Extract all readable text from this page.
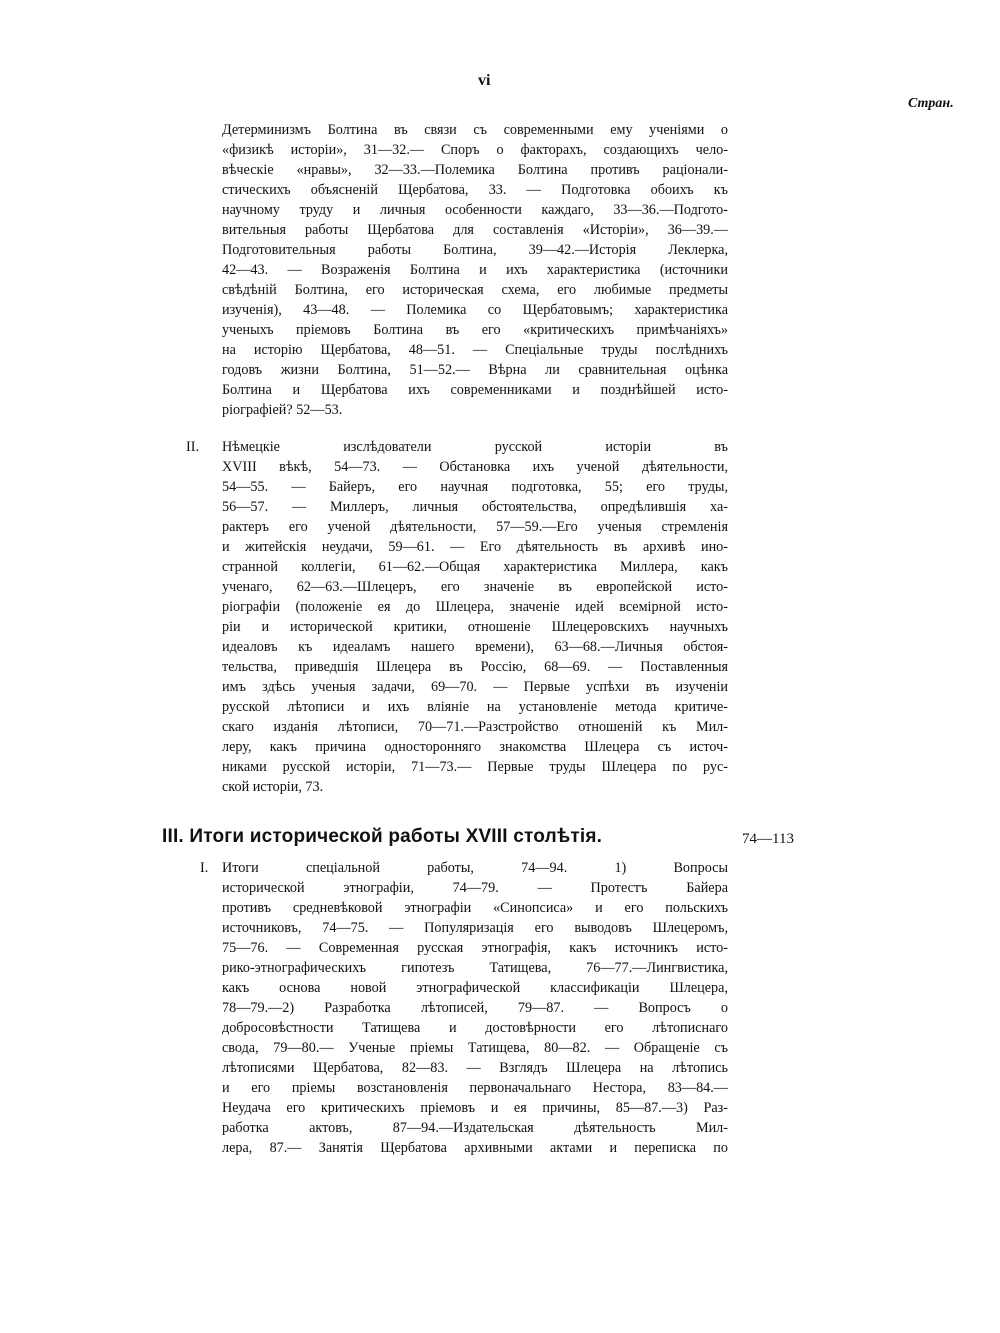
vi
Стран.
Детерминизмъ Болтина въ связи съ современными ему ученіями о
«физикѣ исторіи», 31—32.— Споръ о факторахъ, создающихъ чело-
вѣческіе «нравы», 32—33.—Полемика Болтина противъ раціонали-
стическихъ объясненій Щербатова, 33. — Подготовка обоихъ къ
научному труду и личныя особенности каждаго, 33—36.—Подгото-
вительныя работы Щербатова для составленія «Исторіи», 36—39.—
Подготовительныя работы Болтина, 39—42.—Исторія Леклерка,
42—43. — Возраженія Болтина и ихъ характеристика (источники
свѣдѣній Болтина, его историческая схема, его любимые предметы
изученія), 43—48. — Полемика со Щербатовымъ; характеристика
ученыхъ пріемовъ Болтина въ его «критическихъ примѣчаніяхъ»
на исторію Щербатова, 48—51. — Спеціальные труды послѣднихъ
годовъ жизни Болтина, 51—52.— Вѣрна ли сравнительная оцѣнка
Болтина и Щербатова ихъ современниками и позднѣйшей исто-
ріографіей? 52—53.
II. Нѣмецкіе изслѣдователи русской исторіи въ
XVIII вѣкѣ, 54—73. — Обстановка ихъ ученой дѣятельности,
54—55. — Байеръ, его научная подготовка, 55; его труды,
56—57. — Миллеръ, личныя обстоятельства, опредѣлившія ха-
рактеръ его ученой дѣятельности, 57—59.—Его ученыя стремленія
и житейскія неудачи, 59—61. — Его дѣятельность въ архивѣ ино-
странной коллегіи, 61—62.—Общая характеристика Миллера, какъ
ученаго, 62—63.—Шлецеръ, его значеніе въ европейской исто-
ріографіи (положеніе ея до Шлецера, значеніе идей всемірной исто-
ріи и исторической критики, отношеніе Шлецеровскихъ научныхъ
идеаловъ къ идеаламъ нашего времени), 63—68.—Личныя обстоя-
тельства, приведшія Шлецера въ Россію, 68—69. — Поставленныя
имъ здѣсь ученыя задачи, 69—70. — Первые успѣхи въ изученіи
русской лѣтописи и ихъ вліяніе на установленіе метода критиче-
скаго изданія лѣтописи, 70—71.—Разстройство отношеній къ Мил-
леру, какъ причина односторонняго знакомства Шлецера съ источ-
никами русской исторіи, 71—73.— Первые труды Шлецера по рус-
ской исторіи, 73.
III. Итоги исторической работы XVIII столѣтія.	74—113
I. Итоги спеціальной работы, 74—94. 1) Вопросы
исторической этнографіи, 74—79. — Протестъ Байера
противъ средневѣковой этнографіи «Синопсиса» и его польскихъ
источниковъ, 74—75. — Популяризація его выводовъ Шлецеромъ,
75—76. — Современная русская этнографія, какъ источникъ исто-
рико-этнографическихъ гипотезъ Татищева, 76—77.—Лингвистика,
какъ основа новой этнографической классификаціи Шлецера,
78—79.—2) Разработка лѣтописей, 79—87. — Вопросъ о
добросовѣстности Татищева и достовѣрности его лѣтописнаго
свода, 79—80.— Ученые пріемы Татищева, 80—82. — Обращеніе съ
лѣтописями Щербатова, 82—83. — Взглядъ Шлецера на лѣтопись
и его пріемы возстановленія первоначальнаго Нестора, 83—84.—
Неудача его критическихъ пріемовъ и ея причины, 85—87.—3) Раз-
работка актовъ, 87—94.—Издательская дѣятельность Мил-
лера, 87.— Занятія Щербатова архивными актами и переписка по
